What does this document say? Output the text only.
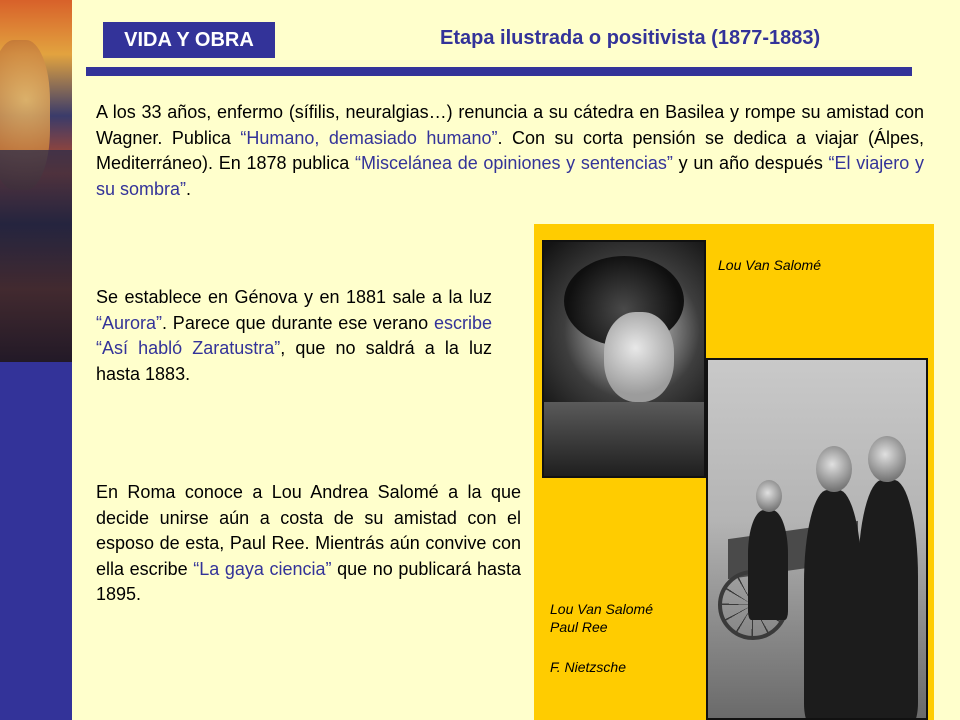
VIDA Y OBRA	Etapa ilustrada o positivista (1877-1883)
A los 33 años, enfermo (sífilis, neuralgias…) renuncia a su cátedra en Basilea y rompe su amistad con Wagner. Publica “Humano, demasiado humano”. Con su corta pensión se dedica a viajar (Álpes, Mediterráneo). En 1878 publica “Miscelánea de opiniones y sentencias” y un año después “El viajero y su sombra”.
Se establece en Génova y en 1881 sale a la luz “Aurora”. Parece que durante ese verano escribe “Así habló Zaratustra”, que no saldrá a la luz hasta 1883.
En Roma conoce a Lou Andrea Salomé a la que decide unirse aún a costa de su amistad con el esposo de esta, Paul Ree. Mientrás aún convive con ella escribe “La gaya ciencia” que no publicará hasta 1895.
Lou Van Salomé
Lou Van Salomé
Paul Ree
F. Nietzsche
